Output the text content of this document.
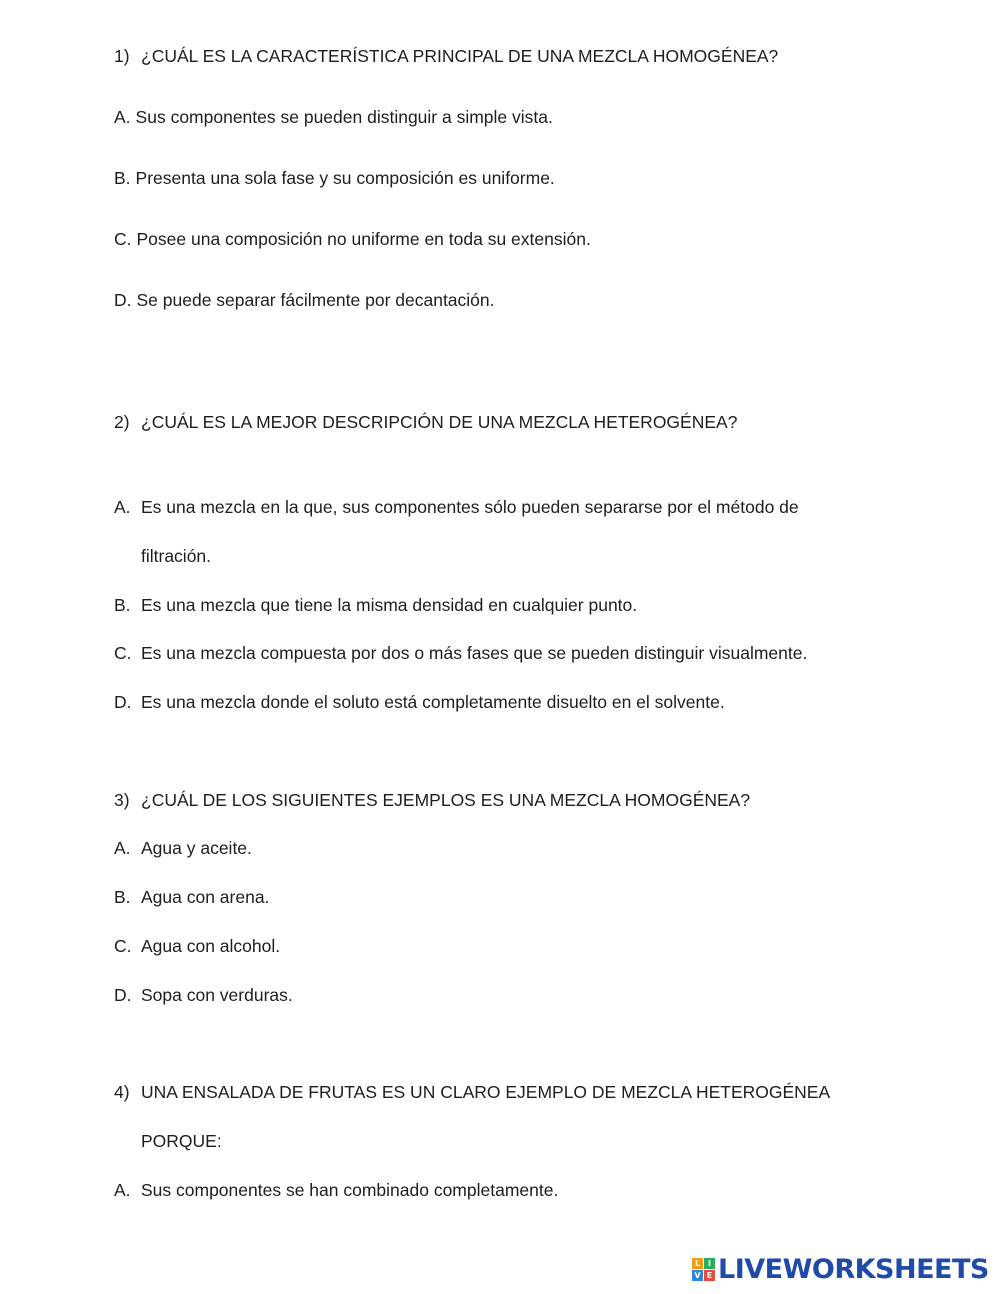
1) ¿CUÁL ES LA CARACTERÍSTICA PRINCIPAL DE UNA MEZCLA HOMOGÉNEA?
A. Sus componentes se pueden distinguir a simple vista.
B. Presenta una sola fase y su composición es uniforme.
C. Posee una composición no uniforme en toda su extensión.
D. Se puede separar fácilmente por decantación.
2) ¿CUÁL ES LA MEJOR DESCRIPCIÓN DE UNA MEZCLA HETEROGÉNEA?
A. Es una mezcla en la que, sus componentes sólo pueden separarse por el método de
filtración.
B. Es una mezcla que tiene la misma densidad en cualquier punto.
C. Es una mezcla compuesta por dos o más fases que se pueden distinguir visualmente.
D. Es una mezcla donde el soluto está completamente disuelto en el solvente.
3) ¿CUÁL DE LOS SIGUIENTES EJEMPLOS ES UNA MEZCLA HOMOGÉNEA?
A. Agua y aceite.
B. Agua con arena.
C. Agua con alcohol.
D. Sopa con verduras.
4) UNA ENSALADA DE FRUTAS ES UN CLARO EJEMPLO DE MEZCLA HETEROGÉNEA
PORQUE:
A. Sus componentes se han combinado completamente.
L I
V E LIVEWORKSHEETS
